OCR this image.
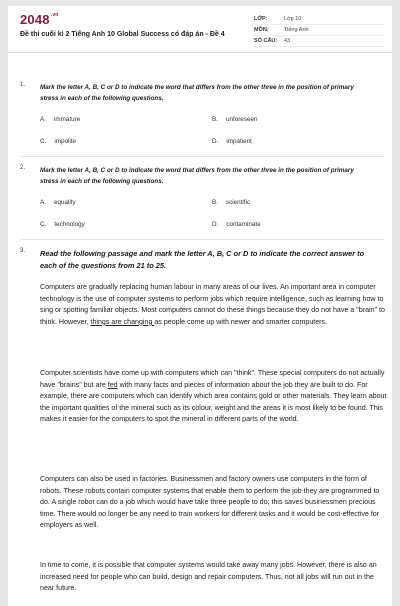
$2048^{.vn}$
Đề thi cuối kì 2 Tiếng Anh 10 Global Success có đáp án - Đề 4
LỚP:	Lớp 10
MÔN:	Tiếng Anh
SỐ CÂU:	43
1. Mark the letter A, B, C or D to indicate the word that differs from the other three in the position of primary stress in each of the following questions.
A. immature	B. unforeseen
C. impolite	D. impatient
2. Mark the letter A, B, C or D to indicate the word that differs from the other three in the position of primary stress in each of the following questions.
A. equality	B. scientific
C. technology	D. contaminate
3. Read the following passage and mark the letter A, B, C or D to indicate the correct answer to each of the questions from 21 to 25.
Computers are gradually replacing human labour in many areas of our lives. An important area in computer technology is the use of computer systems to perform jobs which require intelligence, such as learning how to sing or spotting familiar objects. Most computers cannot do these things because they do not have a "brain" to think. However, things are changing as people come up with newer and smarter computers.
Computer scientists have come up with computers which can "think". These special computers do not actually have "brains" but are fed with many facts and pieces of information about the job they are built to do. For example, there are computers which can identify which area contains gold or other materials. They learn about the important qualities of the mineral such as its colour, weight and the areas it is most likely to be found. This makes it easier for the computers to spot the mineral in different parts of the world.
Computers can also be used in factories. Businessmen and factory owners use computers in the form of robots. These robots contain computer systems that enable them to perform the job they are programmed to do. A single robot can do a job which would have take three people to do; this saves businessmen precious time. There would no longer be any need to train workers for different tasks and it would be cost-effective for employers as well.
In time to come, it is possible that computer systems would take away many jobs. However, there is also an increased need for people who can build, design and repair computers. Thus, not all jobs will run out in the near future.
